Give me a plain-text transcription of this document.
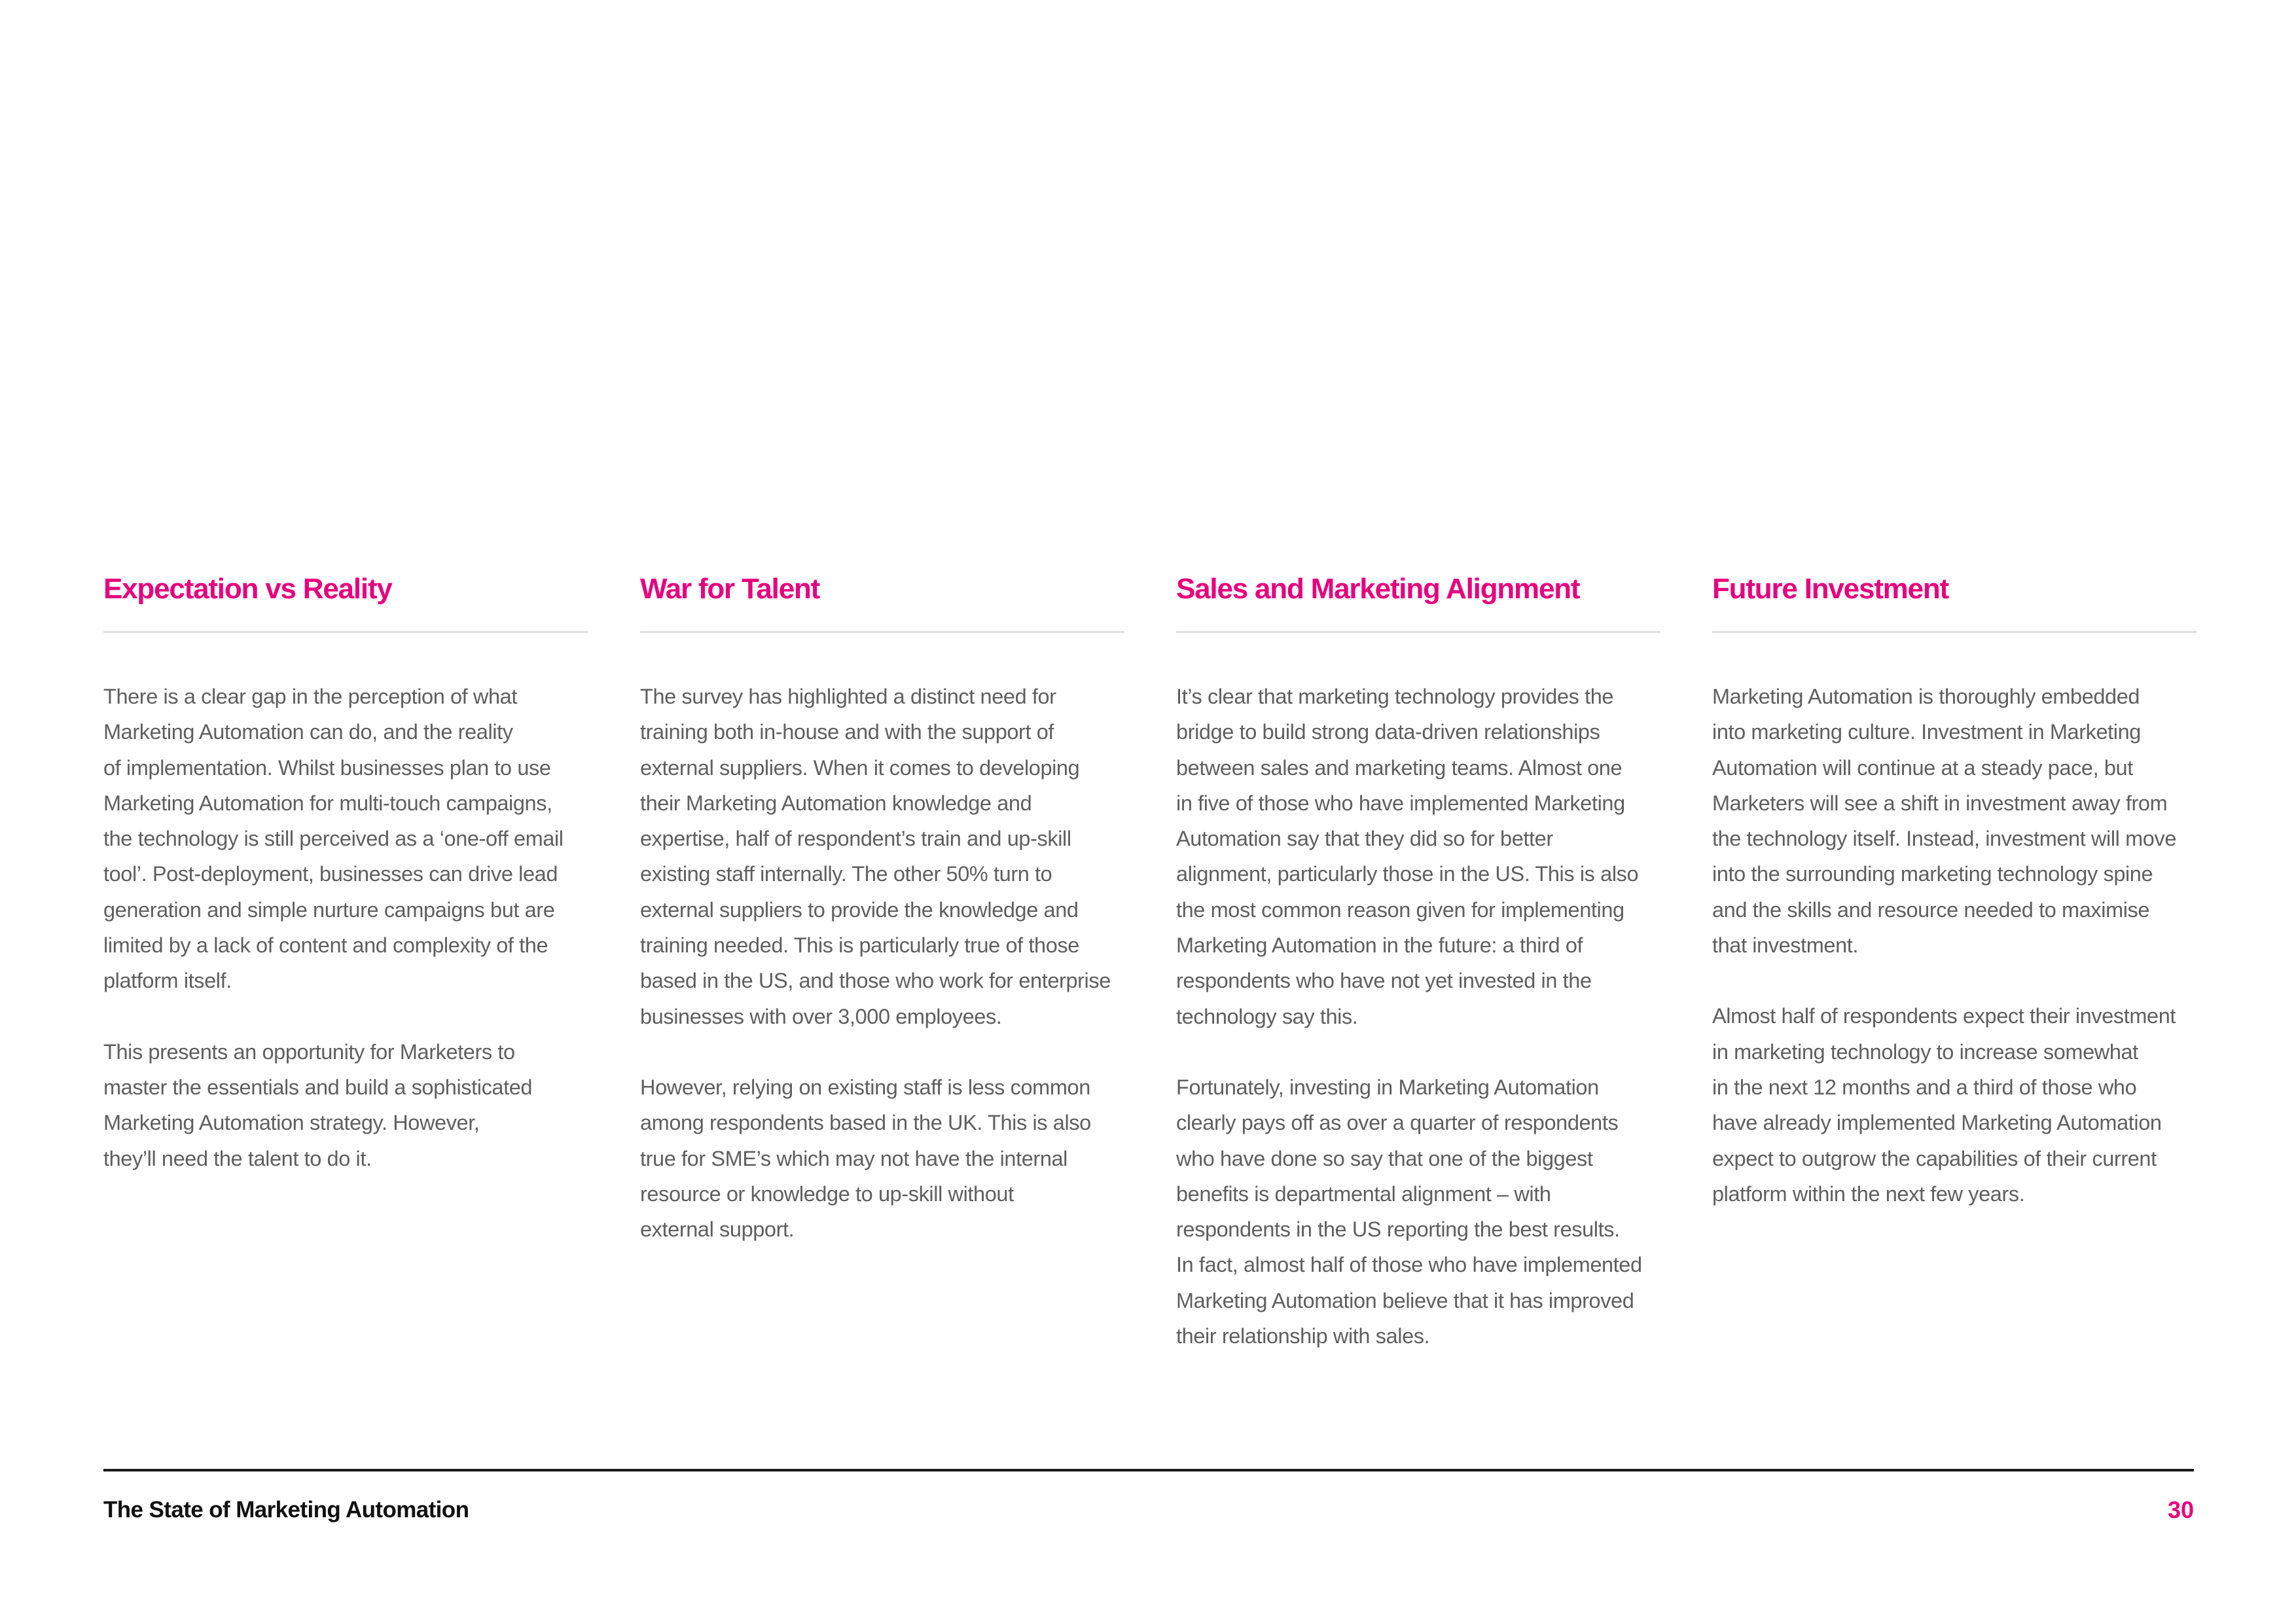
Expectation vs Reality

There is a clear gap in the perception of what
Marketing Automation can do, and the reality
of implementation. Whilst businesses plan to use
Marketing Automation for multi-touch campaigns,
the technology is still perceived as a ‘one-off email
tool’. Post-deployment, businesses can drive lead
generation and simple nurture campaigns but are
limited by a lack of content and complexity of the
platform itself.

This presents an opportunity for Marketers to
master the essentials and build a sophisticated
Marketing Automation strategy. However,
they’ll need the talent to do it.

War for Talent

The survey has highlighted a distinct need for
training both in-house and with the support of
external suppliers. When it comes to developing
their Marketing Automation knowledge and
expertise, half of respondent’s train and up-skill
existing staff internally. The other 50% turn to
external suppliers to provide the knowledge and
training needed. This is particularly true of those
based in the US, and those who work for enterprise
businesses with over 3,000 employees.

However, relying on existing staff is less common
among respondents based in the UK. This is also
true for SME’s which may not have the internal
resource or knowledge to up-skill without
external support.

Sales and Marketing Alignment

It’s clear that marketing technology provides the
bridge to build strong data-driven relationships
between sales and marketing teams. Almost one
in five of those who have implemented Marketing
Automation say that they did so for better
alignment, particularly those in the US. This is also
the most common reason given for implementing
Marketing Automation in the future: a third of
respondents who have not yet invested in the
technology say this.

Fortunately, investing in Marketing Automation
clearly pays off as over a quarter of respondents
who have done so say that one of the biggest
benefits is departmental alignment – with
respondents in the US reporting the best results.
In fact, almost half of those who have implemented
Marketing Automation believe that it has improved
their relationship with sales.

Future Investment

Marketing Automation is thoroughly embedded
into marketing culture. Investment in Marketing
Automation will continue at a steady pace, but
Marketers will see a shift in investment away from
the technology itself. Instead, investment will move
into the surrounding marketing technology spine
and the skills and resource needed to maximise
that investment.

Almost half of respondents expect their investment
in marketing technology to increase somewhat
in the next 12 months and a third of those who
have already implemented Marketing Automation
expect to outgrow the capabilities of their current
platform within the next few years.

The State of Marketing Automation	30
